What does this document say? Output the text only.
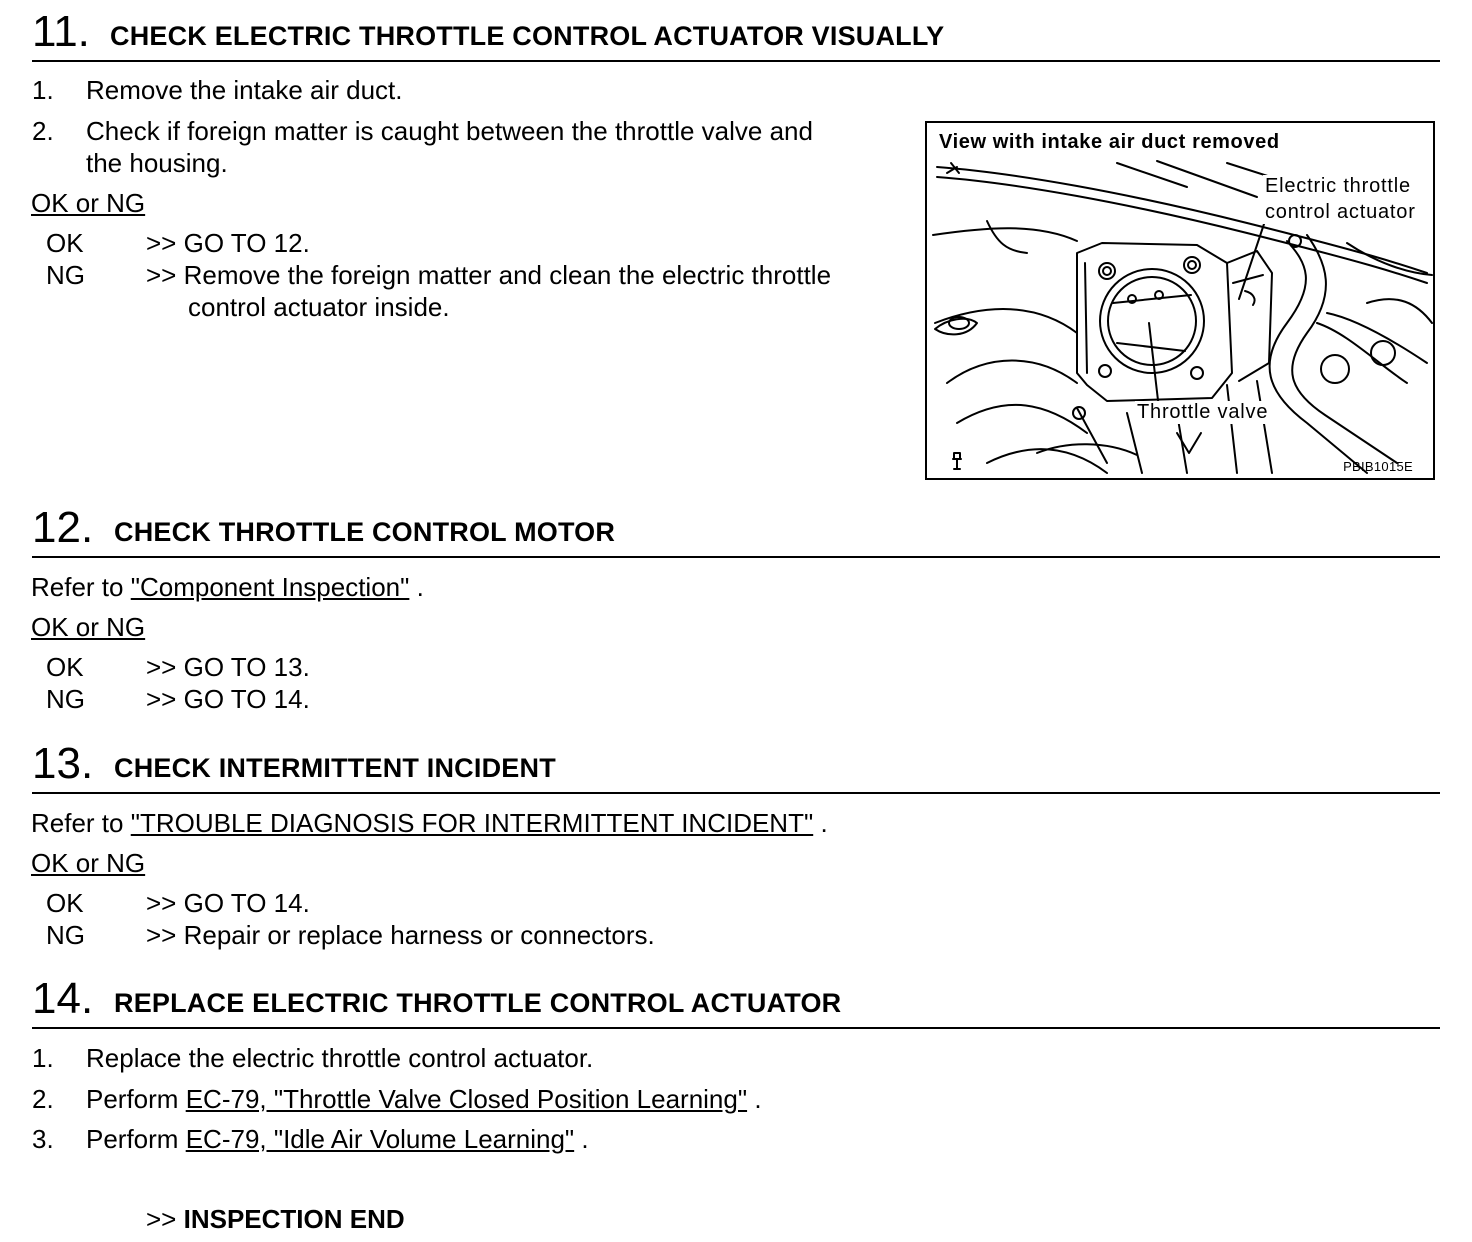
11. CHECK ELECTRIC THROTTLE CONTROL ACTUATOR VISUALLY
1. Remove the intake air duct.
2. Check if foreign matter is caught between the throttle valve and
the housing.
OK or NG
OK >> GO TO 12.
NG >> Remove the foreign matter and clean the electric throttle
control actuator inside.
View with intake air duct removed
Electric throttle
control actuator
Throttle valve
PBIB1015E
12. CHECK THROTTLE CONTROL MOTOR
Refer to "Component Inspection" .
OK or NG
OK >> GO TO 13.
NG >> GO TO 14.
13. CHECK INTERMITTENT INCIDENT
Refer to "TROUBLE DIAGNOSIS FOR INTERMITTENT INCIDENT" .
OK or NG
OK >> GO TO 14.
NG >> Repair or replace harness or connectors.
14. REPLACE ELECTRIC THROTTLE CONTROL ACTUATOR
1. Replace the electric throttle control actuator.
2. Perform EC-79, "Throttle Valve Closed Position Learning" .
3. Perform EC-79, "Idle Air Volume Learning" .
>> INSPECTION END
